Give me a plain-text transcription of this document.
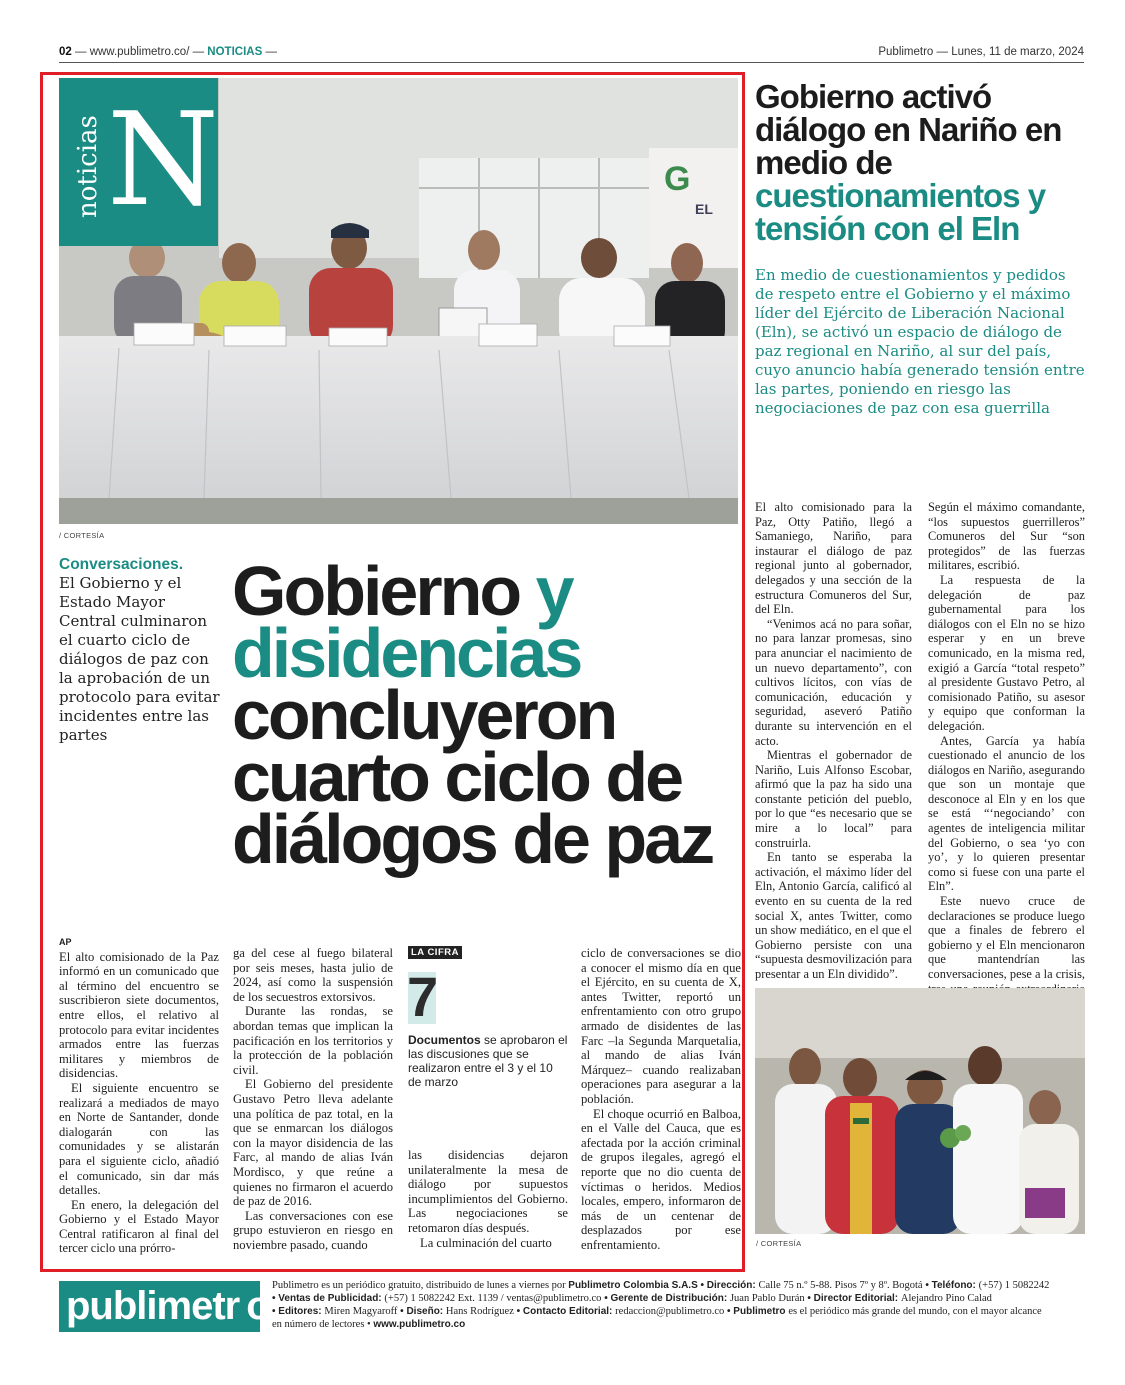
02 — www.publimetro.co/ — NOTICIAS —	Publimetro — Lunes, 11 de marzo, 2024
G
EL
noticias N
/ CORTESÍA
Conversaciones.
El Gobierno y el Estado Mayor Central culminaron el cuarto ciclo de diálogos de paz con la aprobación de un protocolo para evitar incidentes entre las partes
Gobierno y
disidencias
concluyeron cuarto ciclo de diálogos de paz
AP

El alto comisionado de la Paz informó en un comunicado que al término del encuentro se suscribieron siete documentos, entre ellos, el relativo al protocolo para evitar incidentes armados entre las fuerzas militares y miembros de disidencias.

El siguiente encuentro se realizará a mediados de mayo en Norte de Santander, donde dialogarán con las comunidades y se alistarán para el siguiente ciclo, añadió el comunicado, sin dar más detalles.

En enero, la delegación del Gobierno y el Estado Mayor Central ratificaron al final del tercer ciclo una prórro-

ga del cese al fuego bilateral por seis meses, hasta julio de 2024, así como la suspensión de los secuestros extorsivos.

Durante las rondas, se abordan temas que implican la pacificación en los territorios y la protección de la población civil.

El Gobierno del presidente Gustavo Petro lleva adelante una política de paz total, en la que se enmarcan los diálogos con la mayor disidencia de las Farc, al mando de alias Iván Mordisco, y que reúne a quienes no firmaron el acuerdo de paz de 2016.

Las conversaciones con ese grupo estuvieron en riesgo en noviembre pasado, cuando

las disidencias dejaron unilateralmente la mesa de diálogo por supuestos incumplimientos del Gobierno. Las negociaciones se retomaron días después.

La culminación del cuarto

ciclo de conversaciones se dio a conocer el mismo día en que el Ejército, en su cuenta de X, antes Twitter, reportó un enfrentamiento con otro grupo armado de disidentes de las Farc –la Segunda Marquetalia, al mando de alias Iván Márquez– cuando realizaban operaciones para asegurar a la población.

El choque ocurrió en Balboa, en el Valle del Cauca, que es afectada por la acción criminal de grupos ilegales, agregó el reporte que no dio cuenta de víctimas o heridos. Medios locales, empero, informaron de más de un centenar de desplazados por ese enfrentamiento.

LA CIFRA
7
Documentos se aprobaron el las discusiones que se realizaron entre el 3 y el 10 de marzo
Gobierno activó diálogo en Nariño en medio de cuestionamientos y tensión con el Eln
En medio de cuestionamientos y pedidos de respeto entre el Gobierno y el máximo líder del Ejército de Liberación Nacional (Eln), se activó un espacio de diálogo de paz regional en Nariño, al sur del país, cuyo anuncio había generado tensión entre las partes, poniendo en riesgo las negociaciones de paz con esa guerrilla

El alto comisionado para la Paz, Otty Patiño, llegó a Samaniego, Nariño, para instaurar el diálogo de paz regional junto al gobernador, delegados y una sección de la estructura Comuneros del Sur, del Eln.

“Venimos acá no para soñar, no para lanzar promesas, sino para anunciar el nacimiento de un nuevo departamento”, con cultivos lícitos, con vías de comunicación, educación y seguridad, aseveró Patiño durante su intervención en el acto.

Mientras el gobernador de Nariño, Luis Alfonso Escobar, afirmó que la paz ha sido una constante petición del pueblo, por lo que “es necesario que se mire a lo local” para construirla.

En tanto se esperaba la activación, el máximo líder del Eln, Antonio García, calificó al evento en su cuenta de la red social X, antes Twitter, como un show mediático, en el que el Gobierno persiste con una “supuesta desmovilización para presentar a un Eln dividido”.

Según el máximo comandante, “los supuestos guerrilleros” Comuneros del Sur “son protegidos” de las fuerzas militares, escribió.

La respuesta de la delegación de paz gubernamental para los diálogos con el Eln no se hizo esperar y en un breve comunicado, en la misma red, exigió a García “total respeto” al presidente Gustavo Petro, al comisionado Patiño, su asesor y equipo que conforman la delegación.

Antes, García ya había cuestionado el anuncio de los diálogos en Nariño, asegurando que son un montaje que desconoce al Eln y en los que se está “‘negociando’ con agentes de inteligencia militar del Gobierno, o sea ‘yo con yo’, y lo quieren presentar como si fuese con una parte el Eln”.

Este nuevo cruce de declaraciones se produce luego que a finales de febrero el gobierno y el Eln mencionaron que mantendrían las conversaciones, pese a la crisis,

/ CORTESÍA
publimetr o Publimetro es un periódico gratuito, distribuido de lunes a viernes por Publimetro Colombia S.A.S • Dirección: Calle 75 n.º 5-88. Pisos 7º y 8º. Bogotá • Teléfono: (+57) 1 5082242
• Ventas de Publicidad: (+57) 1 5082242 Ext. 1139 / ventas@publimetro.co • Gerente de Distribución: Juan Pablo Durán • Director Editorial: Alejandro Pino Calad
• Editores: Miren Magyaroff • Diseño: Hans Rodríguez • Contacto Editorial: redaccion@publimetro.co • Publimetro es el periódico más grande del mundo, con el mayor alcance
en número de lectores • www.publimetro.co
